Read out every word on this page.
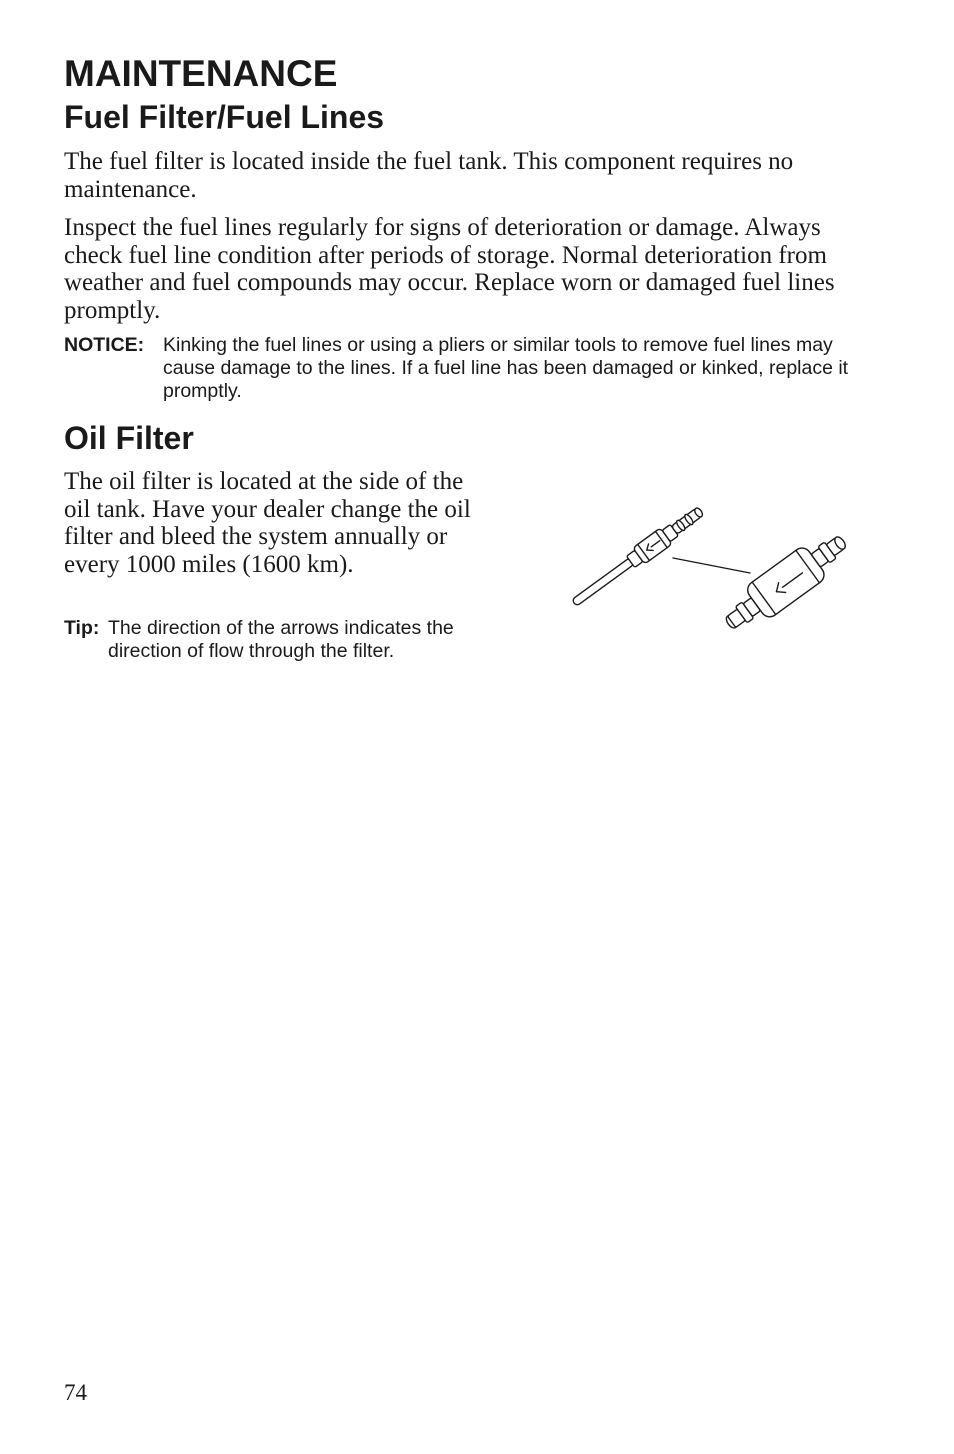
MAINTENANCE
Fuel Filter/Fuel Lines

The fuel filter is located inside the fuel tank. This component requires no maintenance.

Inspect the fuel lines regularly for signs of deterioration or damage. Always check fuel line condition after periods of storage. Normal deterioration from weather and fuel compounds may occur. Replace worn or damaged fuel lines promptly.

NOTICE: Kinking the fuel lines or using a pliers or similar tools to remove fuel lines may cause damage to the lines. If a fuel line has been damaged or kinked, replace it promptly.
Oil Filter

The oil filter is located at the side of the oil tank. Have your dealer change the oil filter and bleed the system annually or every 1000 miles (1600 km).

Tip: The direction of the arrows indicates the direction of flow through the filter.
74
